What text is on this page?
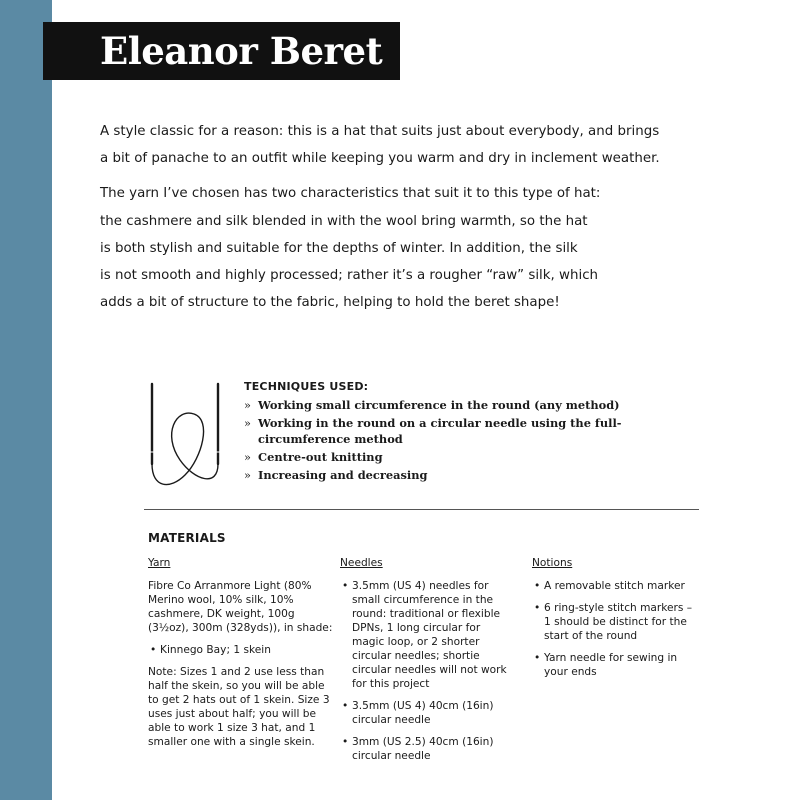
Eleanor Beret

A style classic for a reason: this is a hat that suits just about everybody, and brings
a bit of panache to an outfit while keeping you warm and dry in inclement weather.

The yarn I’ve chosen has two characteristics that suit it to this type of hat:
the cashmere and silk blended in with the wool bring warmth, so the hat
is both stylish and suitable for the depths of winter. In addition, the silk
is not smooth and highly processed; rather it’s a rougher “raw” silk, which
adds a bit of structure to the fabric, helping to hold the beret shape!

TECHNIQUES USED:
» Working small circumference in the round (any method)
» Working in the round on a circular needle using the full-circumference method
» Centre-out knitting
» Increasing and decreasing
MATERIALS
Yarn

Fibre Co Arranmore Light (80% Merino wool, 10% silk, 10% cashmere, DK weight, 100g (3½oz), 300m (328yds)), in shade:

• Kinnego Bay; 1 skein

Note: Sizes 1 and 2 use less than half the skein, so you will be able to get 2 hats out of 1 skein. Size 3 uses just about half; you will be able to work 1 size 3 hat, and 1 smaller one with a single skein.

Needles
• 3.5mm (US 4) needles for small circumference in the round: traditional or flexible DPNs, 1 long circular for magic loop, or 2 shorter circular needles; shortie circular needles will not work for this project
• 3.5mm (US 4) 40cm (16in) circular needle
• 3mm (US 2.5) 40cm (16in) circular needle
Notions
• A removable stitch marker
• 6 ring-style stitch markers – 1 should be distinct for the start of the round
• Yarn needle for sewing in your ends
